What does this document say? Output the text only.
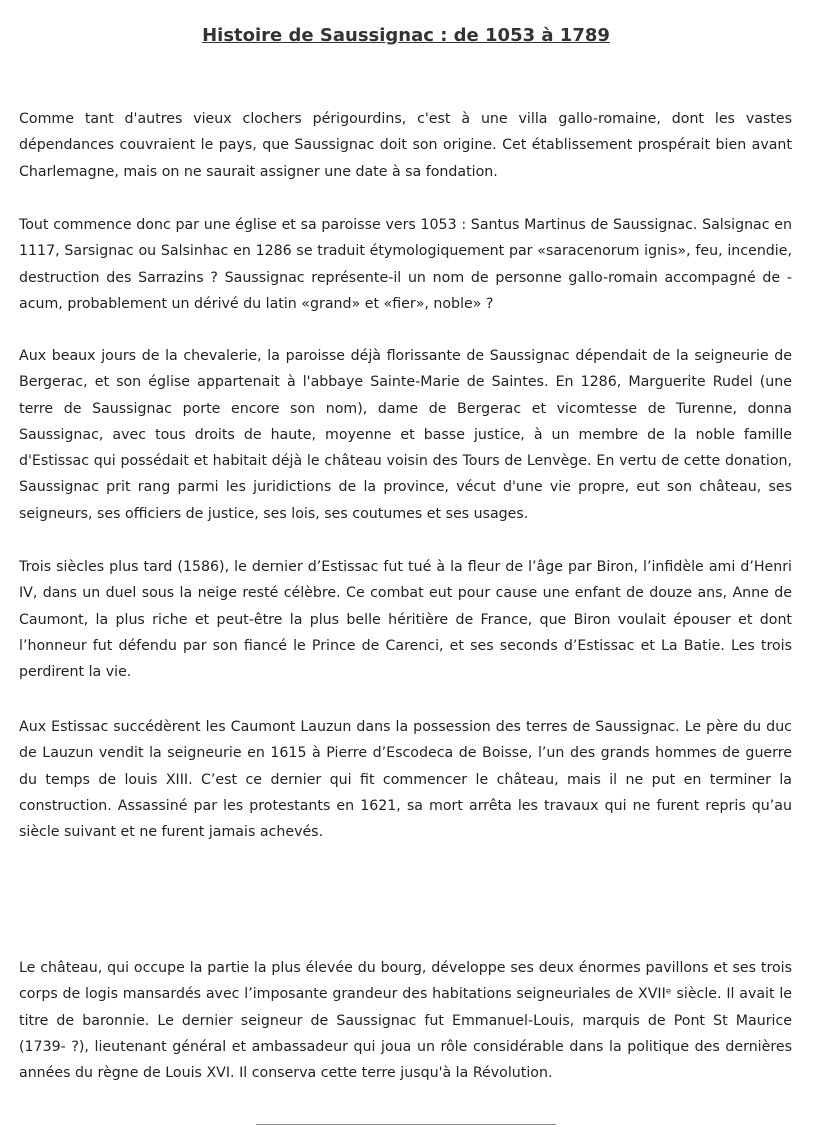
Histoire de Saussignac : de 1053 à 1789

Comme tant d'autres vieux clochers périgourdins, c'est à une villa gallo-romaine, dont les vastes dépendances couvraient le pays, que Saussignac doit son origine. Cet établissement prospérait bien avant Charlemagne, mais on ne saurait assigner une date à sa fondation.

Tout commence donc par une église et sa paroisse vers 1053 : Santus Martinus de Saussignac. Salsignac en 1117, Sarsignac ou Salsinhac en 1286 se traduit étymologiquement par «saracenorum ignis», feu, incendie, destruction des Sarrazins ? Saussignac représente-il un nom de personne gallo-romain accompagné de -acum, probablement un dérivé du latin «grand» et «fier», noble» ?

Aux beaux jours de la chevalerie, la paroisse déjà florissante de Saussignac dépendait de la seigneurie de Bergerac, et son église appartenait à l'abbaye Sainte-Marie de Saintes. En 1286, Marguerite Rudel (une terre de Saussignac porte encore son nom), dame de Bergerac et vicomtesse de Turenne, donna Saussignac, avec tous droits de haute, moyenne et basse justice, à un membre de la noble famille d'Estissac qui possédait et habitait déjà le château voisin des Tours de Lenvège. En vertu de cette donation, Saussignac prit rang parmi les juridictions de la province, vécut d'une vie propre, eut son château, ses seigneurs, ses officiers de justice, ses lois, ses coutumes et ses usages.

Trois siècles plus tard (1586), le dernier d’Estissac fut tué à la fleur de l’âge par Biron, l’infidèle ami d’Henri IV, dans un duel sous la neige resté célèbre. Ce combat eut pour cause une enfant de douze ans, Anne de Caumont, la plus riche et peut-être la plus belle héritière de France, que Biron voulait épouser et dont l’honneur fut défendu par son fiancé le Prince de Carenci, et ses seconds d’Estissac et La Batie. Les trois perdirent la vie.

Aux Estissac succédèrent les Caumont Lauzun dans la possession des terres de Saussignac. Le père du duc de Lauzun vendit la seigneurie en 1615 à Pierre d’Escodeca de Boisse, l’un des grands hommes de guerre du temps de louis XIII. C’est ce dernier qui fit commencer le château, mais il ne put en terminer la construction. Assassiné par les protestants en 1621, sa mort arrêta les travaux qui ne furent repris qu’au siècle suivant et ne furent jamais achevés.

Le château, qui occupe la partie la plus élevée du bourg, développe ses deux énormes pavillons et ses trois corps de logis mansardés avec l’imposante grandeur des habitations seigneuriales de XVIIᵉ siècle. Il avait le titre de baronnie. Le dernier seigneur de Saussignac fut Emmanuel-Louis, marquis de Pont St Maurice (1739- ?), lieutenant général et ambassadeur qui joua un rôle considérable dans la politique des dernières années du règne de Louis XVI. Il conserva cette terre jusqu'à la Révolution.
